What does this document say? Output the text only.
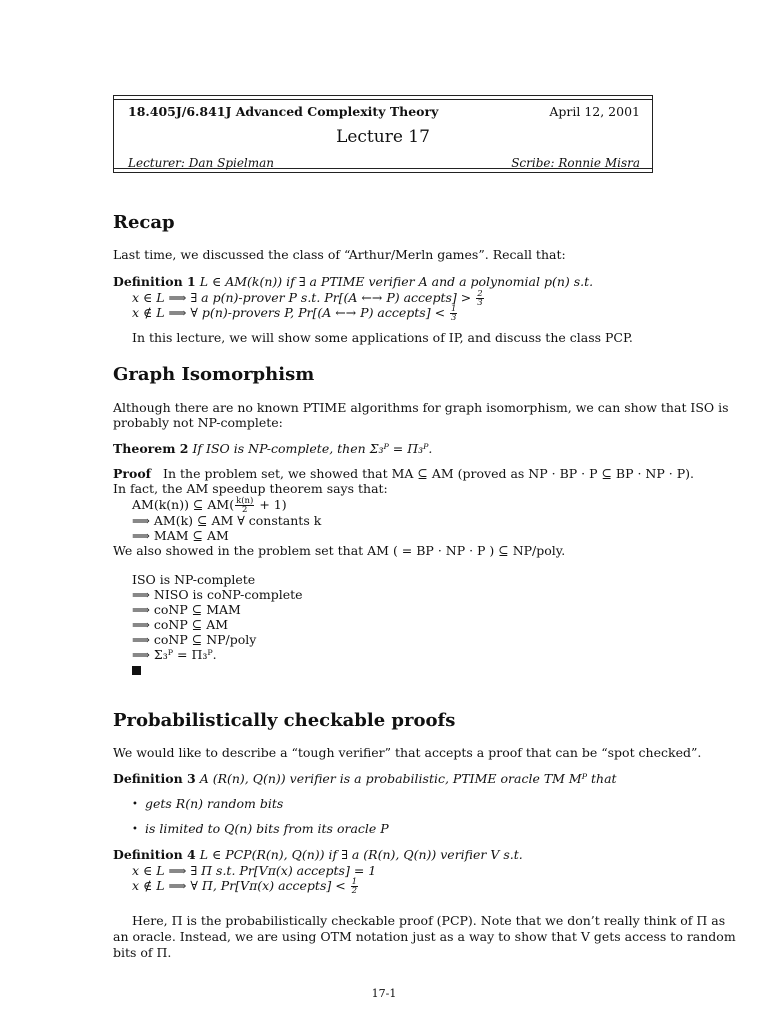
18.405J/6.841J Advanced Complexity Theory	April 12, 2001
Lecture 17
Lecturer: Dan Spielman	Scribe: Ronnie Misra
Recap
Last time, we discussed the class of “Arthur/Merln games”. Recall that:
Definition 1 L ∈ AM(k(n)) if ∃ a PTIME verifier A and a polynomial p(n) s.t.
x ∈ L ⟹ ∃ a p(n)-prover P s.t. Pr[(A ←→ P) accepts] > $\frac{2}{3}$
x ∉ L ⟹ ∀ p(n)-provers P, Pr[(A ←→ P) accepts] < $\frac{1}{3}$
In this lecture, we will show some applications of IP, and discuss the class PCP.
Graph Isomorphism
Although there are no known PTIME algorithms for graph isomorphism, we can show that ISO is
probably not NP-complete:
Theorem 2 If ISO is NP-complete, then Σ₃ᴾ = Π₃ᴾ.
Proof In the problem set, we showed that MA ⊆ AM (proved as NP · BP · P ⊆ BP · NP · P).
In fact, the AM speedup theorem says that:
AM(k(n)) ⊆ $AM( \frac{k(n)}{2} + 1)$
⟹ AM(k) ⊆ AM ∀ constants k
⟹ MAM ⊆ AM
We also showed in the problem set that AM ( = BP · NP · P ) ⊆ NP/poly.
ISO is NP-complete
⟹ NISO is coNP-complete
⟹ coNP ⊆ MAM
⟹ coNP ⊆ AM
⟹ coNP ⊆ NP/poly
⟹ Σ₃ᴾ = Π₃ᴾ.
Probabilistically checkable proofs
We would like to describe a “tough verifier” that accepts a proof that can be “spot checked”.
Definition 3 A (R(n), Q(n)) verifier is a probabilistic, PTIME oracle TM Mᴾ that
• gets R(n) random bits
• is limited to Q(n) bits from its oracle P
Definition 4 L ∈ PCP(R(n), Q(n)) if ∃ a (R(n), Q(n)) verifier V s.t.
x ∈ L ⟹ ∃ Π s.t. Pr[Vᴨ(x) accepts] = 1
x ∉ L ⟹ ∀ Π, Pr[Vᴨ(x) accepts] < $\frac{1}{2}$
Here, Π is the probabilistically checkable proof (PCP). Note that we don’t really think of Π as
an oracle. Instead, we are using OTM notation just as a way to show that V gets access to random
bits of Π.
17-1
